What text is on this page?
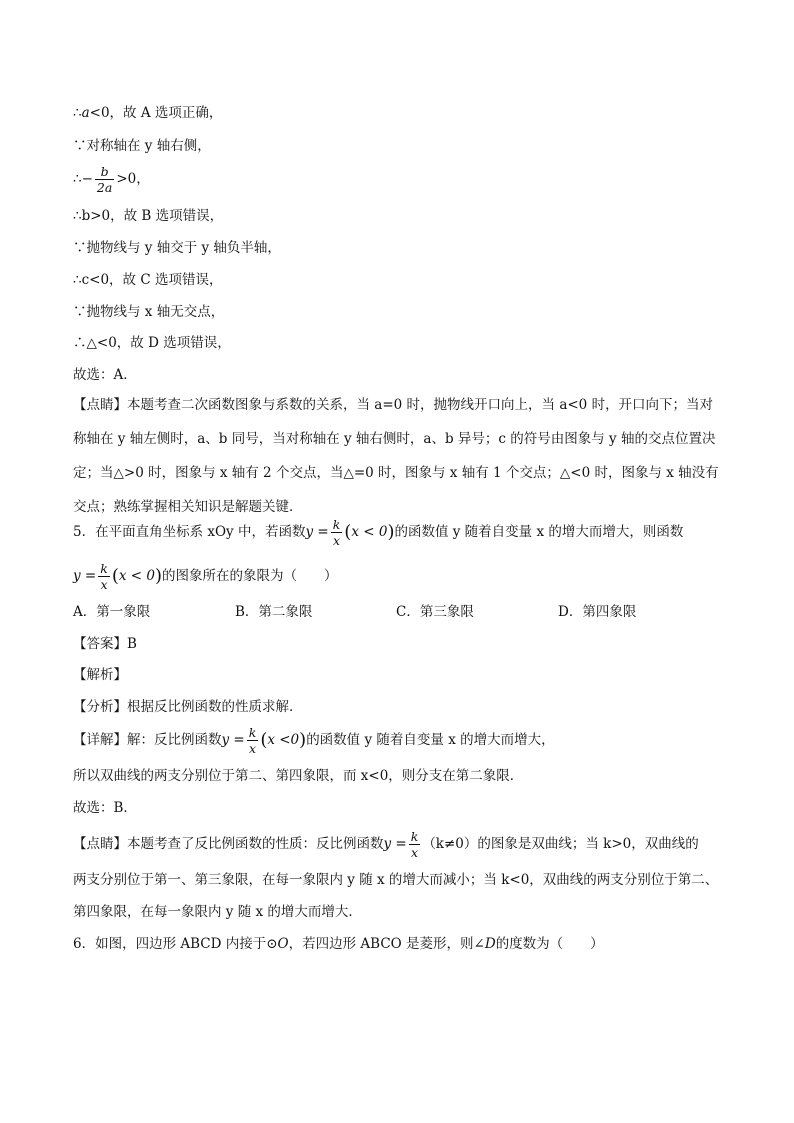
∴a<0，故 A 选项正确，
∵对称轴在 y 轴右侧，
∴− $\frac{b}{2a} >0$，
∴b>0，故 B 选项错误，
∵抛物线与 y 轴交于 y 轴负半轴，
∴c<0，故 C 选项错误，
∵抛物线与 x 轴无交点，
∴△<0，故 D 选项错误，
故选：A．
【点睛】本题考查二次函数图象与系数的关系，当 a=0 时，抛物线开口向上，当 a<0 时，开口向下；当对称轴在 y 轴左侧时，a、b 同号，当对称轴在 y 轴右侧时，a、b 异号；c 的符号由图象与 y 轴的交点位置决定；当△>0 时，图象与 x 轴有 2 个交点，当△=0 时，图象与 x 轴有 1 个交点；△<0 时，图象与 x 轴没有交点；熟练掌握相关知识是解题关键．
5．在平面直角坐标系 xOy 中，若函数$y = \frac{k}{x} (x < 0)$的函数值 y 随着自变量 x 的增大而增大，则函数
$y = \frac{k}{x} (x < 0)$的图象所在的象限为（　　）
A．第一象限	B．第二象限	C．第三象限	D．第四象限
【答案】B
【解析】
【分析】根据反比例函数的性质求解．
【详解】解：反比例函数$y = \frac{k}{x} (x <0)$的函数值 y 随着自变量 x 的增大而增大，
所以双曲线的两支分别位于第二、第四象限，而 x<0，则分支在第二象限．
故选：B．
【点睛】本题考查了反比例函数的性质：反比例函数$y = \frac{k}{x} (k\ne 0)$的图象是双曲线；当 k>0，双曲线的
两支分别位于第一、第三象限，在每一象限内 y 随 x 的增大而减小；当 k<0，双曲线的两支分别位于第二、
第四象限，在每一象限内 y 随 x 的增大而增大．
6．如图，四边形 ABCD 内接于⊙O，若四边形 ABCO 是菱形，则∠D的度数为（　　）
